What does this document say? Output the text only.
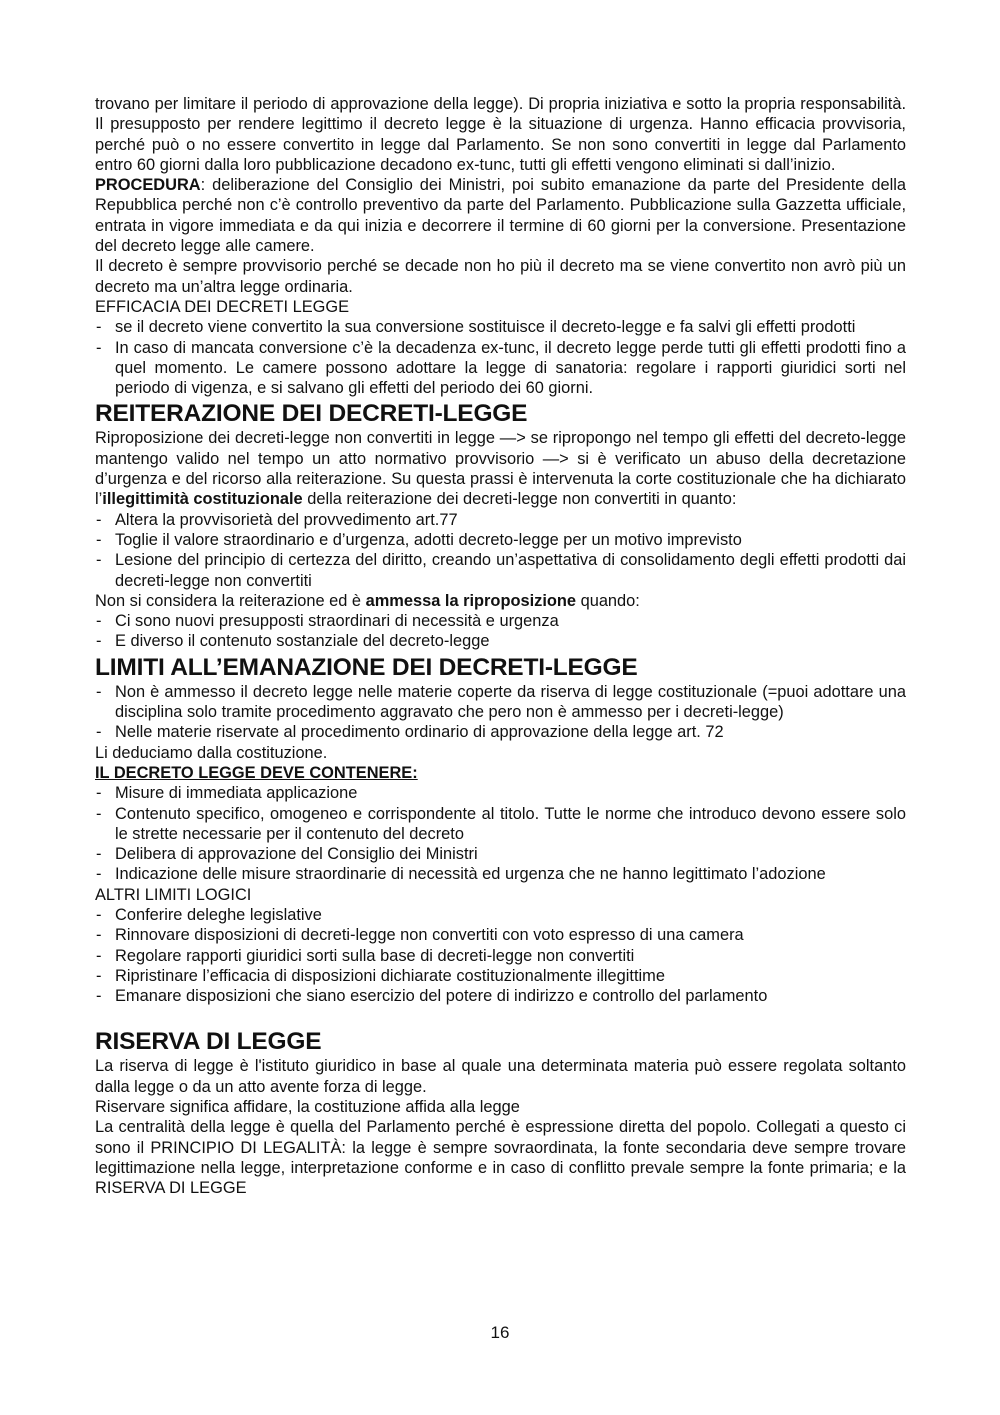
trovano per limitare il periodo di approvazione della legge). Di propria iniziativa e sotto la propria responsabilità. Il presupposto per rendere legittimo il decreto legge è la situazione di urgenza. Hanno efficacia provvisoria, perché può o no essere convertito in legge dal Parlamento. Se non sono convertiti in legge dal Parlamento entro 60 giorni dalla loro pubblicazione decadono ex-tunc, tutti gli effetti vengono eliminati si dall’inizio.

PROCEDURA: deliberazione del Consiglio dei Ministri, poi subito emanazione da parte del Presidente della Repubblica perché non c’è controllo preventivo da parte del Parlamento. Pubblicazione sulla Gazzetta ufficiale, entrata in vigore immediata e da qui inizia e decorrere il termine di 60 giorni per la conversione. Presentazione del decreto legge alle camere.

Il decreto è sempre provvisorio perché se decade non ho più il decreto ma se viene convertito non avrò più un decreto ma un’altra legge ordinaria.

EFFICACIA DEI DECRETI LEGGE

- se il decreto viene convertito la sua conversione sostituisce il decreto-legge e fa salvi gli effetti prodotti
- In caso di mancata conversione c’è la decadenza ex-tunc, il decreto legge perde tutti gli effetti prodotti fino a quel momento. Le camere possono adottare la legge di sanatoria: regolare i rapporti giuridici sorti nel periodo di vigenza, e si salvano gli effetti del periodo dei 60 giorni.
REITERAZIONE DEI DECRETI-LEGGE

Riproposizione dei decreti-legge non convertiti in legge —> se ripropongo nel tempo gli effetti del decreto-legge mantengo valido nel tempo un atto normativo provvisorio —> si è verificato un abuso della decretazione d’urgenza e del ricorso alla reiterazione. Su questa prassi è intervenuta la corte costituzionale che ha dichiarato l’illegittimità costituzionale della reiterazione dei decreti-legge non convertiti in quanto:

- Altera la provvisorietà del provvedimento art.77
- Toglie il valore straordinario e d’urgenza, adotti decreto-legge per un motivo imprevisto
- Lesione del principio di certezza del diritto, creando un’aspettativa di consolidamento degli effetti prodotti dai decreti-legge non convertiti

Non si considera la reiterazione ed è ammessa la riproposizione quando:

- Ci sono nuovi presupposti straordinari di necessità e urgenza
- E diverso il contenuto sostanziale del decreto-legge
LIMITI ALL’EMANAZIONE DEI DECRETI-LEGGE
- Non è ammesso il decreto legge nelle materie coperte da riserva di legge costituzionale (=puoi adottare una disciplina solo tramite procedimento aggravato che pero non è ammesso per i decreti-legge)
- Nelle materie riservate al procedimento ordinario di approvazione della legge art. 72

Li deduciamo dalla costituzione.

IL DECRETO LEGGE DEVE CONTENERE:

- Misure di immediata applicazione
- Contenuto specifico, omogeneo e corrispondente al titolo. Tutte le norme che introduco devono essere solo le strette necessarie per il contenuto del decreto
- Delibera di approvazione del Consiglio dei Ministri
- Indicazione delle misure straordinarie di necessità ed urgenza che ne hanno legittimato l’adozione

ALTRI LIMITI LOGICI

- Conferire deleghe legislative
- Rinnovare disposizioni di decreti-legge non convertiti con voto espresso di una camera
- Regolare rapporti giuridici sorti sulla base di decreti-legge non convertiti
- Ripristinare l’efficacia di disposizioni dichiarate costituzionalmente illegittime
- Emanare disposizioni che siano esercizio del potere di indirizzo e controllo del parlamento
RISERVA DI LEGGE

La riserva di legge è l'istituto giuridico in base al quale una determinata materia può essere regolata soltanto dalla legge o da un atto avente forza di legge.

Riservare significa affidare, la costituzione affida alla legge

La centralità della legge è quella del Parlamento perché è espressione diretta del popolo. Collegati a questo ci sono il PRINCIPIO DI LEGALITÀ: la legge è sempre sovraordinata, la fonte secondaria deve sempre trovare legittimazione nella legge, interpretazione conforme e in caso di conflitto prevale sempre la fonte primaria; e la RISERVA DI LEGGE

16
